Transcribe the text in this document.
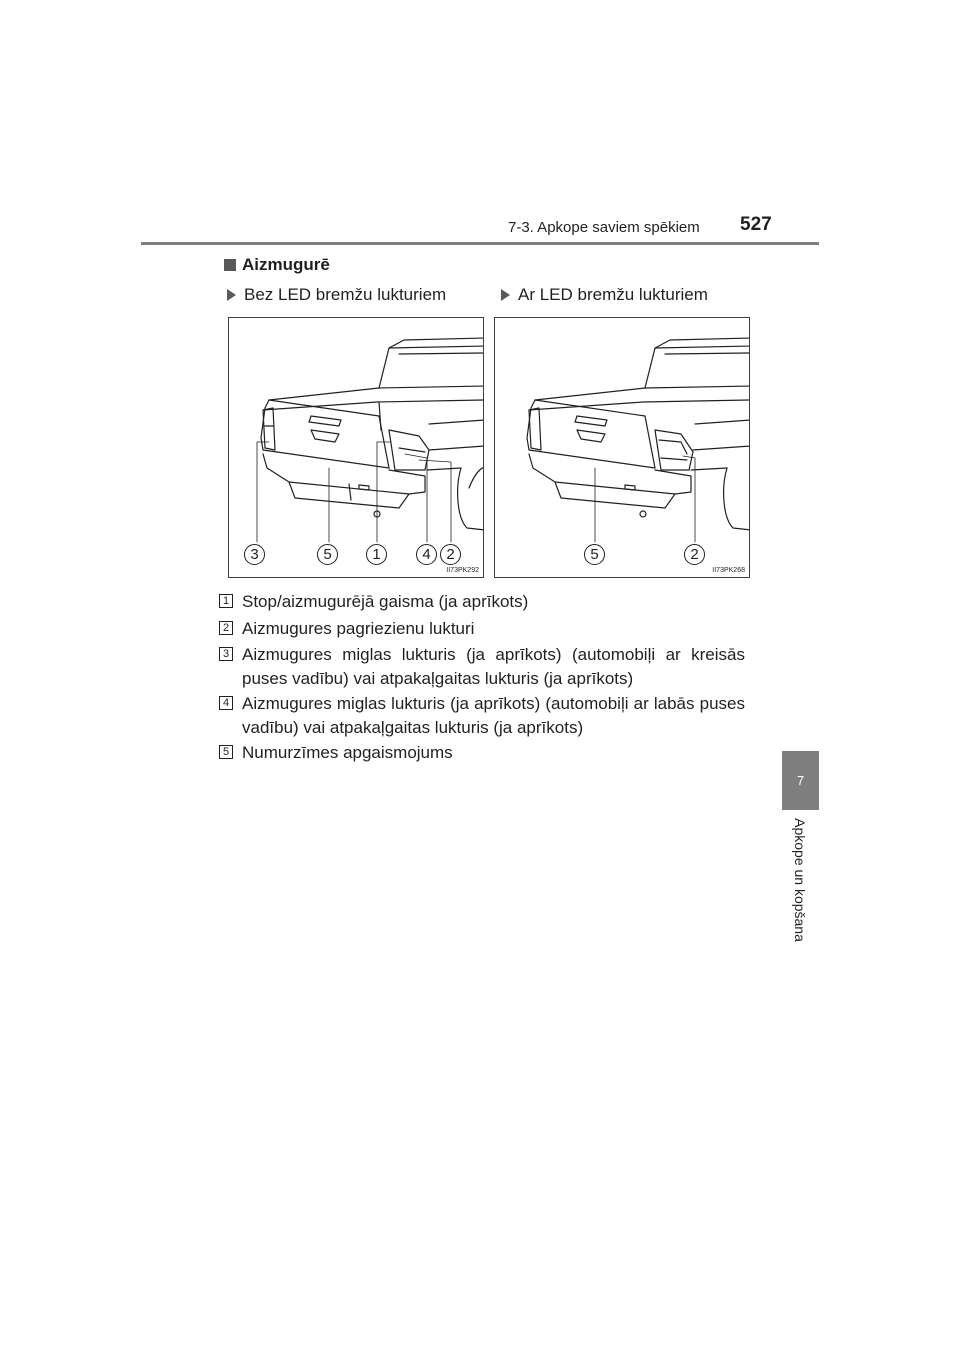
7-3. Apkope saviem spēkiem 527
Aizmugurē
Bez LED bremžu lukturiem	Ar LED bremžu lukturiem
3	5	1	4	2
II73PK292
5	2
II73PK268
1 Stop/aizmugurējā gaisma (ja aprīkots)
2 Aizmugures pagriezienu lukturi
3 Aizmugures miglas lukturis (ja aprīkots) (automobiļi ar kreisās puses vadību) vai atpakaļgaitas lukturis (ja aprīkots)
4 Aizmugures miglas lukturis (ja aprīkots) (automobiļi ar labās puses vadību) vai atpakaļgaitas lukturis (ja aprīkots)
5 Numurzīmes apgaismojums
7
Apkope un kopšana
